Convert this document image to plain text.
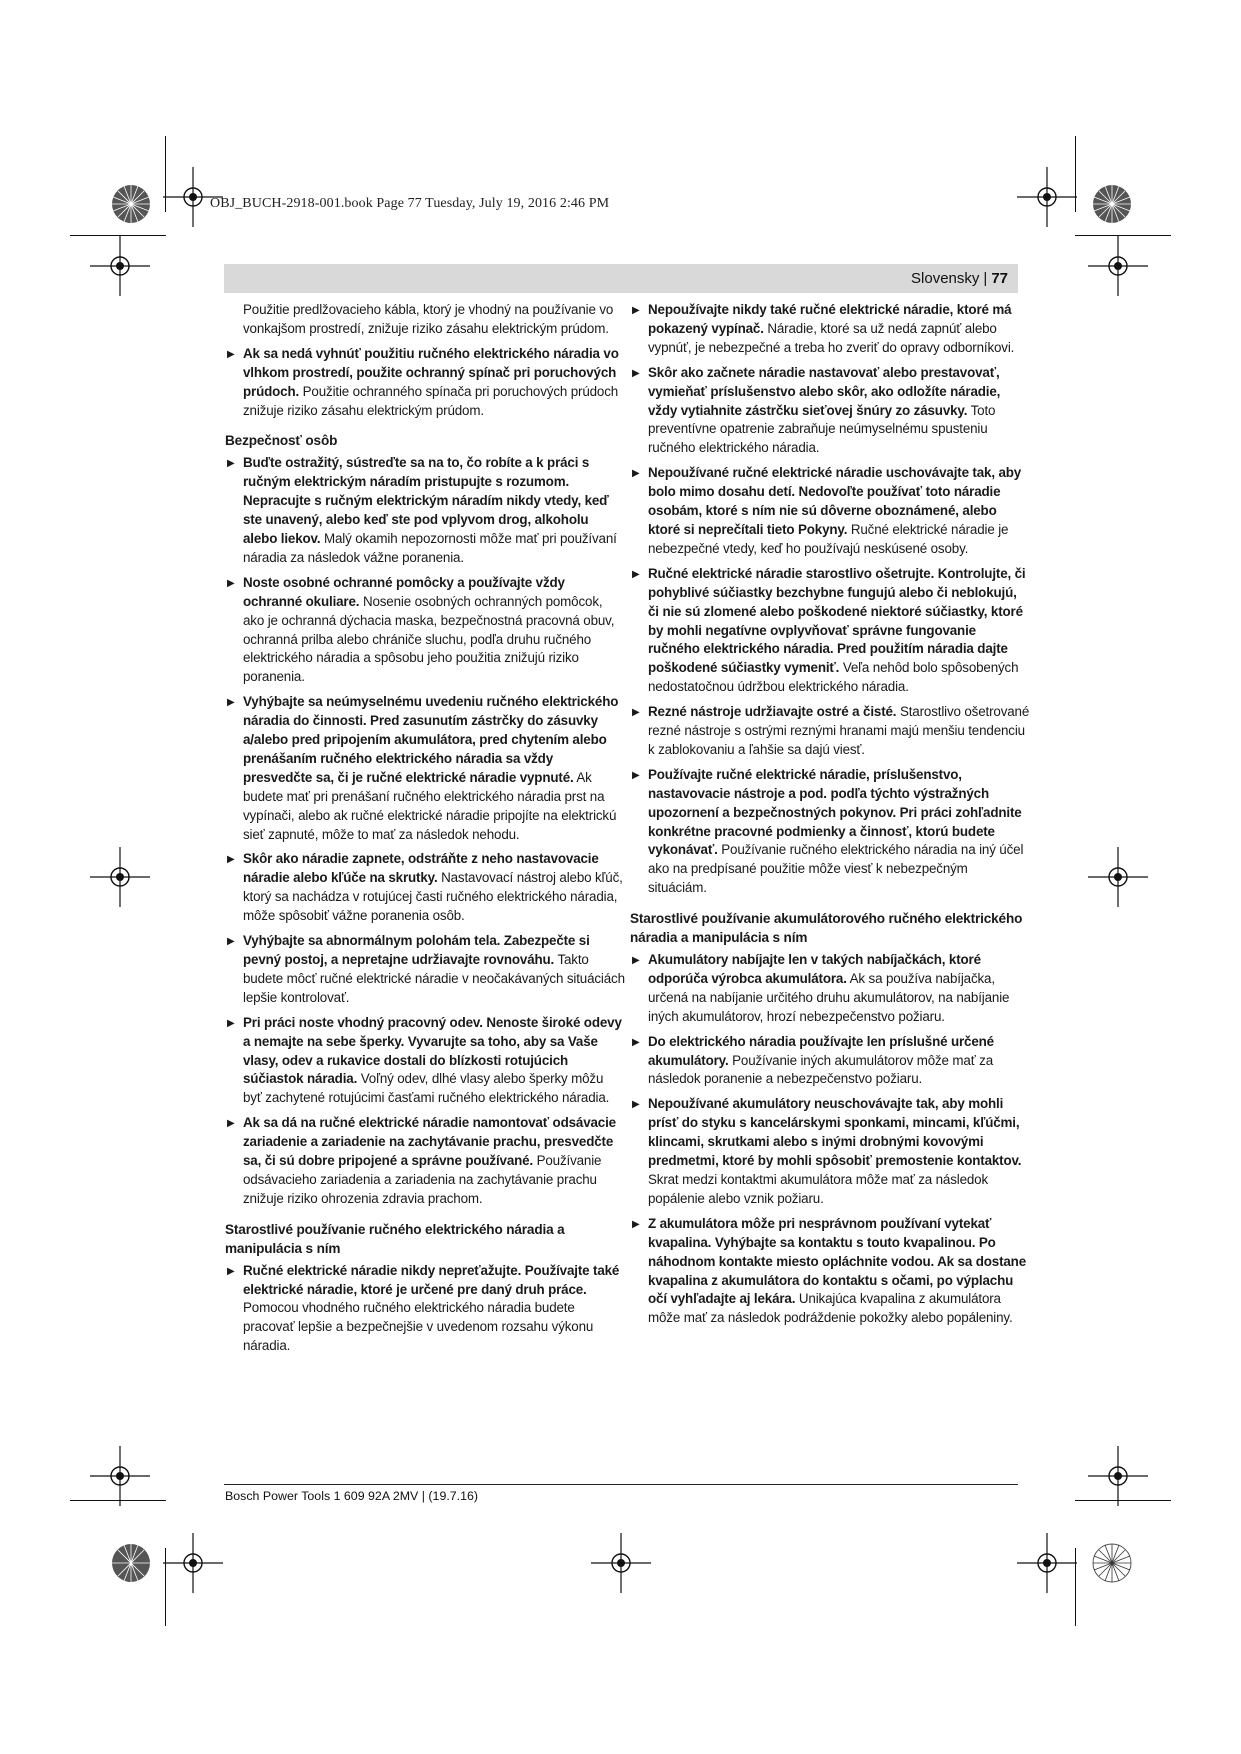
OBJ_BUCH-2918-001.book Page 77 Tuesday, July 19, 2016 2:46 PM
Slovensky | 77

Použitie predlžovacieho kábla, ktorý je vhodný na používanie vo vonkajšom prostredí, znižuje riziko zásahu elektrickým prúdom.

▶ Ak sa nedá vyhnúť použitiu ručného elektrického náradia vo vlhkom prostredí, použite ochranný spínač pri poruchových prúdoch. Použitie ochranného spínača pri poruchových prúdoch znižuje riziko zásahu elektrickým prúdom.
Bezpečnosť osôb
▶ Buďte ostražitý, sústreďte sa na to, čo robíte a k práci s ručným elektrickým náradím pristupujte s rozumom. Nepracujte s ručným elektrickým náradím nikdy vtedy, keď ste unavený, alebo keď ste pod vplyvom drog, alkoholu alebo liekov. Malý okamih nepozornosti môže mať pri používaní náradia za následok vážne poranenia.
▶ Noste osobné ochranné pomôcky a používajte vždy ochranné okuliare. Nosenie osobných ochranných pomôcok, ako je ochranná dýchacia maska, bezpečnostná pracovná obuv, ochranná prilba alebo chrániče sluchu, podľa druhu ručného elektrického náradia a spôsobu jeho použitia znižujú riziko poranenia.
▶ Vyhýbajte sa neúmyselnému uvedeniu ručného elektrického náradia do činnosti. Pred zasunutím zástrčky do zásuvky a/alebo pred pripojením akumulátora, pred chytením alebo prenášaním ručného elektrického náradia sa vždy presvedčte sa, či je ručné elektrické náradie vypnuté. Ak budete mať pri prenášaní ručného elektrického náradia prst na vypínači, alebo ak ručné elektrické náradie pripojíte na elektrickú sieť zapnuté, môže to mať za následok nehodu.
▶ Skôr ako náradie zapnete, odstráňte z neho nastavovacie náradie alebo kľúče na skrutky. Nastavovací nástroj alebo kľúč, ktorý sa nachádza v rotujúcej časti ručného elektrického náradia, môže spôsobiť vážne poranenia osôb.
▶ Vyhýbajte sa abnormálnym polohám tela. Zabezpečte si pevný postoj, a nepretajne udržiavajte rovnováhu. Takto budete môcť ručné elektrické náradie v neočakávaných situáciách lepšie kontrolovať.
▶ Pri práci noste vhodný pracovný odev. Nenoste široké odevy a nemajte na sebe šperky. Vyvarujte sa toho, aby sa Vaše vlasy, odev a rukavice dostali do blízkosti rotujúcich súčiastok náradia. Voľný odev, dlhé vlasy alebo šperky môžu byť zachytené rotujúcimi časťami ručného elektrického náradia.
▶ Ak sa dá na ručné elektrické náradie namontovať odsávacie zariadenie a zariadenie na zachytávanie prachu, presvedčte sa, či sú dobre pripojené a správne používané. Používanie odsávacieho zariadenia a zariadenia na zachytávanie prachu znižuje riziko ohrozenia zdravia prachom.
Starostlivé používanie ručného elektrického náradia a manipulácia s ním
▶ Ručné elektrické náradie nikdy nepreťažujte. Používajte také elektrické náradie, ktoré je určené pre daný druh práce. Pomocou vhodného ručného elektrického náradia budete pracovať lepšie a bezpečnejšie v uvedenom rozsahu výkonu náradia.
▶ Nepoužívajte nikdy také ručné elektrické náradie, ktoré má pokazený vypínač. Náradie, ktoré sa už nedá zapnúť alebo vypnúť, je nebezpečné a treba ho zveriť do opravy odborníkovi.
▶ Skôr ako začnete náradie nastavovať alebo prestavovať, vymieňať príslušenstvo alebo skôr, ako odložíte náradie, vždy vytiahnite zástrčku sieťovej šnúry zo zásuvky. Toto preventívne opatrenie zabraňuje neúmyselnému spusteniu ručného elektrického náradia.
▶ Nepoužívané ručné elektrické náradie uschovávajte tak, aby bolo mimo dosahu detí. Nedovoľte používať toto náradie osobám, ktoré s ním nie sú dôverne oboznámené, alebo ktoré si neprečítali tieto Pokyny. Ručné elektrické náradie je nebezpečné vtedy, keď ho používajú neskúsené osoby.
▶ Ručné elektrické náradie starostlivo ošetrujte. Kontrolujte, či pohyblivé súčiastky bezchybne fungujú alebo či neblokujú, či nie sú zlomené alebo poškodené niektoré súčiastky, ktoré by mohli negatívne ovplyvňovať správne fungovanie ručného elektrického náradia. Pred použitím náradia dajte poškodené súčiastky vymeniť. Veľa nehôd bolo spôsobených nedostatočnou údržbou elektrického náradia.
▶ Rezné nástroje udržiavajte ostré a čisté. Starostlivo ošetrované rezné nástroje s ostrými reznými hranami majú menšiu tendenciu k zablokovaniu a ľahšie sa dajú viesť.
▶ Používajte ručné elektrické náradie, príslušenstvo, nastavovacie nástroje a pod. podľa týchto výstražných upozornení a bezpečnostných pokynov. Pri práci zohľadnite konkrétne pracovné podmienky a činnosť, ktorú budete vykonávať. Používanie ručného elektrického náradia na iný účel ako na predpísané použitie môže viesť k nebezpečným situáciám.
Starostlivé používanie akumulátorového ručného elektrického náradia a manipulácia s ním
▶ Akumulátory nabíjajte len v takých nabíjačkách, ktoré odporúča výrobca akumulátora. Ak sa používa nabíjačka, určená na nabíjanie určitého druhu akumulátorov, na nabíjanie iných akumulátorov, hrozí nebezpečenstvo požiaru.
▶ Do elektrického náradia používajte len príslušné určené akumulátory. Používanie iných akumulátorov môže mať za následok poranenie a nebezpečenstvo požiaru.
▶ Nepoužívané akumulátory neuschovávajte tak, aby mohli prísť do styku s kancelárskymi sponkami, mincami, kľúčmi, klincami, skrutkami alebo s inými drobnými kovovými predmetmi, ktoré by mohli spôsobiť premostenie kontaktov. Skrat medzi kontaktmi akumulátora môže mať za následok popálenie alebo vznik požiaru.
▶ Z akumulátora môže pri nesprávnom používaní vytekať kvapalina. Vyhýbajte sa kontaktu s touto kvapalinou. Po náhodnom kontakte miesto opláchnite vodou. Ak sa dostane kvapalina z akumulátora do kontaktu s očami, po výplachu očí vyhľadajte aj lekára. Unikajúca kvapalina z akumulátora môže mať za následok podráždenie pokožky alebo popáleniny.
Bosch Power Tools 1 609 92A 2MV | (19.7.16)
